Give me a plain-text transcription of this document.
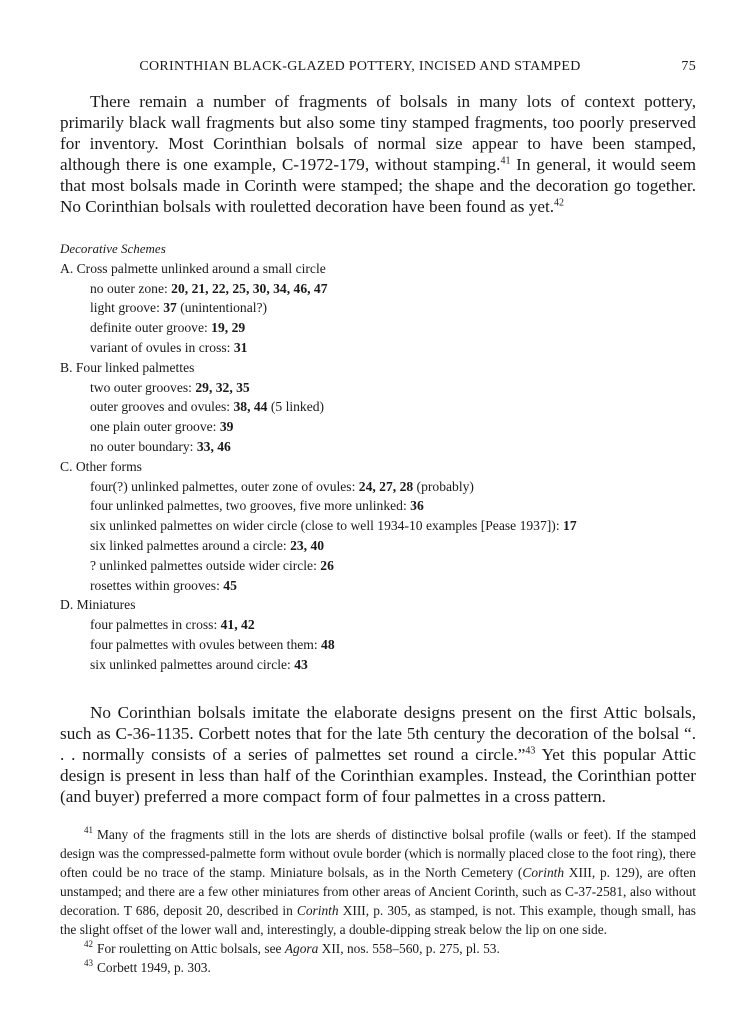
CORINTHIAN BLACK-GLAZED POTTERY, INCISED AND STAMPED	75

There remain a number of fragments of bolsals in many lots of context pottery, primarily black wall fragments but also some tiny stamped fragments, too poorly preserved for inventory. Most Corinthian bolsals of normal size appear to have been stamped, although there is one example, C-1972-179, without stamping.$^{41}$ In general, it would seem that most bolsals made in Corinth were stamped; the shape and the decoration go together. No Corinthian bolsals with rouletted decoration have been found as yet.$^{42}$

Decorative Schemes
A. Cross palmette unlinked around a small circle
no outer zone: 20, 21, 22, 25, 30, 34, 46, 47
light groove: 37 (unintentional?)
definite outer groove: 19, 29
variant of ovules in cross: 31
B. Four linked palmettes
two outer grooves: 29, 32, 35
outer grooves and ovules: 38, 44 (5 linked)
one plain outer groove: 39
no outer boundary: 33, 46
C. Other forms
four(?) unlinked palmettes, outer zone of ovules: 24, 27, 28 (probably)
four unlinked palmettes, two grooves, five more unlinked: 36
six unlinked palmettes on wider circle (close to well 1934-10 examples [Pease 1937]): 17
six linked palmettes around a circle: 23, 40
? unlinked palmettes outside wider circle: 26
rosettes within grooves: 45
D. Miniatures
four palmettes in cross: 41, 42
four palmettes with ovules between them: 48
six unlinked palmettes around circle: 43

No Corinthian bolsals imitate the elaborate designs present on the first Attic bolsals, such as C-36-1135. Corbett notes that for the late 5th century the decoration of the bolsal “. . . normally consists of a series of palmettes set round a circle.”$^{43}$ Yet this popular Attic design is present in less than half of the Corinthian examples. Instead, the Corinthian potter (and buyer) preferred a more compact form of four palmettes in a cross pattern.

$^{41}$ Many of the fragments still in the lots are sherds of distinctive bolsal profile (walls or feet). If the stamped design was the compressed-palmette form without ovule border (which is normally placed close to the foot ring), there often could be no trace of the stamp. Miniature bolsals, as in the North Cemetery (Corinth XIII, p. 129), are often unstamped; and there are a few other miniatures from other areas of Ancient Corinth, such as C-37-2581, also without decoration. T 686, deposit 20, described in Corinth XIII, p. 305, as stamped, is not. This example, though small, has the slight offset of the lower wall and, interestingly, a double-dipping streak below the lip on one side.

$^{42}$ For rouletting on Attic bolsals, see Agora XII, nos. 558–560, p. 275, pl. 53.

$^{43}$ Corbett 1949, p. 303.
